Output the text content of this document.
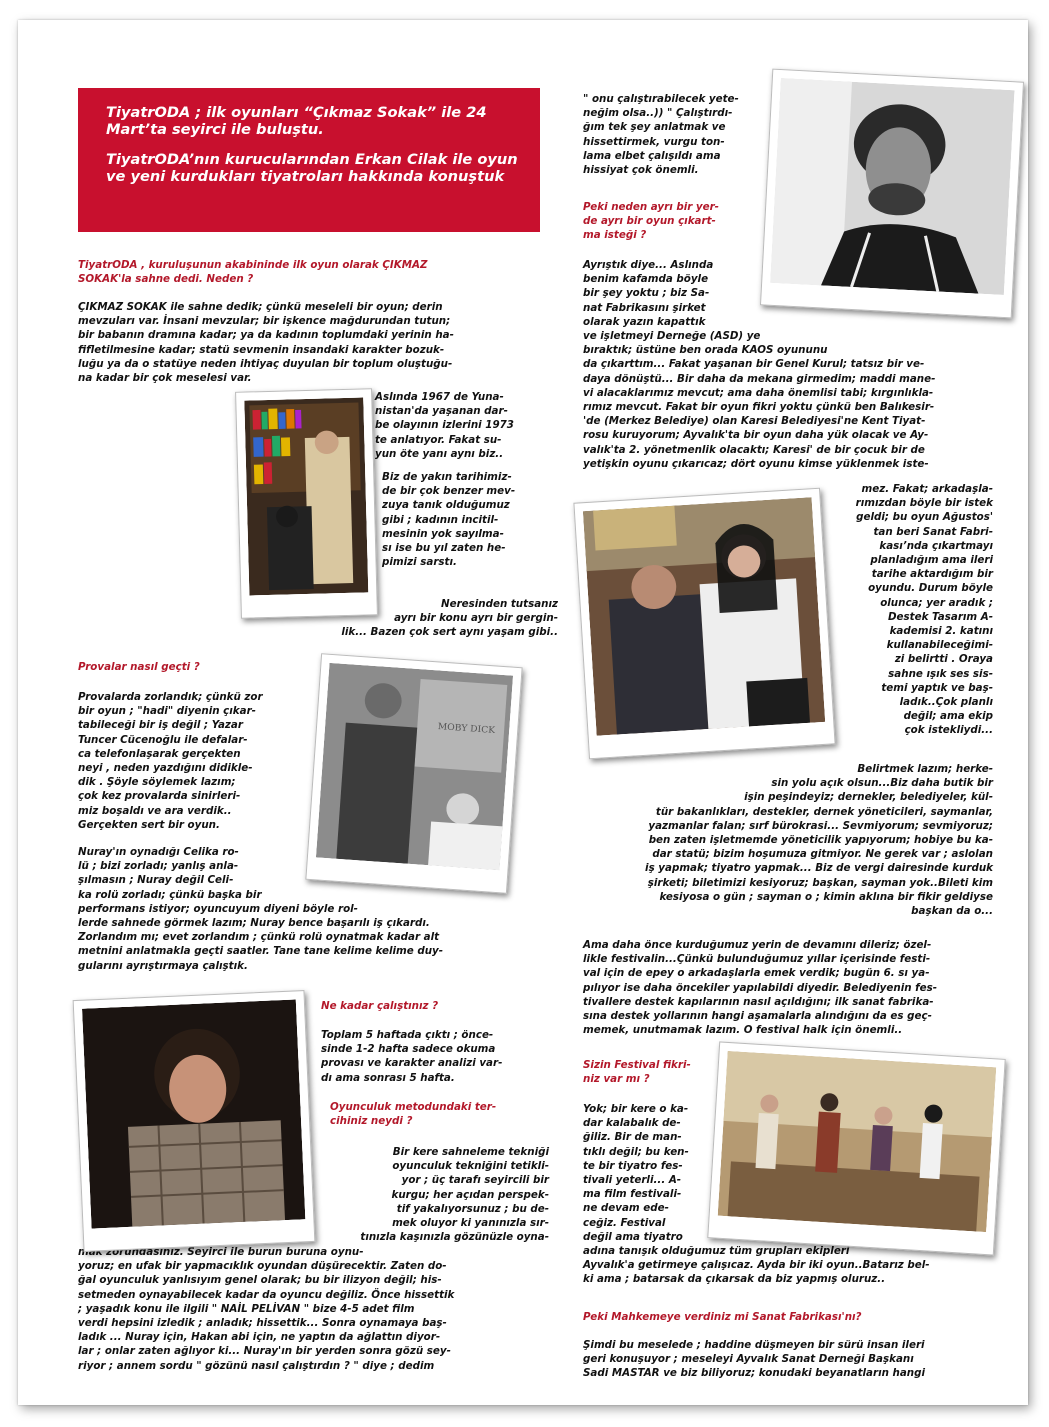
TiyatrODA ; ilk oyunları “Çıkmaz Sokak” ile 24 Mart’ta seyirci ile buluştu.

TiyatrODA’nın kurucularından Erkan Cilak ile oyun ve yeni kurdukları tiyatroları hakkında konuştuk

TiyatrODA , kuruluşunun akabininde ilk oyun olarak ÇIKMAZ
SOKAK'la sahne dedi. Neden ?

ÇIKMAZ SOKAK ile sahne dedik; çünkü meseleli bir oyun; derin
mevzuları var. İnsani mevzular; bir işkence mağdurundan tutun;
bir babanın dramına kadar; ya da kadının toplumdaki yerinin ha-
fifletilmesine kadar; statü sevmenin insandaki karakter bozuk-
luğu ya da o statüye neden ihtiyaç duyulan bir toplum oluştuğu-
na kadar bir çok meselesi var.

Aslında 1967 de Yuna-
nistan'da yaşanan dar-
be olayının izlerini 1973
te anlatıyor. Fakat su-
yun öte yanı aynı biz..

Biz de yakın tarihimiz-
de bir çok benzer mev-
zuya tanık olduğumuz
gibi ; kadının incitil-
mesinin yok sayılma-
sı ise bu yıl zaten he-
pimizi sarstı.

Neresinden tutsanız
ayrı bir konu ayrı bir gergin-
lik... Bazen çok sert aynı yaşam gibi..

Provalar nasıl geçti ?

Provalarda zorlandık; çünkü zor
bir oyun ; "hadi" diyenin çıkar-
tabileceği bir iş değil ; Yazar
Tuncer Cücenoğlu ile defalar-
ca telefonlaşarak gerçekten
neyi , neden yazdığını didikle-
dik . Şöyle söylemek lazım;
çok kez provalarda sinirleri-
miz boşaldı ve ara verdik..
Gerçekten sert bir oyun.

Nuray'ın oynadığı Celika ro-
lü ; bizi zorladı; yanlış anla-
şılmasın ; Nuray değil Celi-
ka rolü zorladı; çünkü başka bir
performans istiyor; oyuncuyum diyeni böyle rol-
lerde sahnede görmek lazım; Nuray bence başarılı iş çıkardı.
Zorlandım mı; evet zorlandım ; çünkü rolü oynatmak kadar alt
metnini anlatmakla geçti saatler. Tane tane kelime kelime duy-
gularını ayrıştırmaya çalıştık.

Ne kadar çalıştınız ?

Toplam 5 haftada çıktı ; önce-
sinde 1-2 hafta sadece okuma
provası ve karakter analizi var-
dı ama sonrası 5 hafta.

Oyunculuk metodundaki ter-
cihiniz neydi ?

Bir kere sahneleme tekniği
oyunculuk tekniğini tetikli-
yor ; üç tarafı seyircili bir
kurgu; her açıdan perspek-
tif yakalıyorsunuz ; bu de-
mek oluyor ki yanınızla sır-
tınızla kaşınızla gözünüzle oyna-

mak zorundasınız. Seyirci ile burun buruna oynu-
yoruz; en ufak bir yapmacıklık oyundan düşürecektir. Zaten do-
ğal oyunculuk yanlısıyım genel olarak; bu bir ilizyon değil; his-
setmeden oynayabilecek kadar da oyuncu değiliz. Önce hissettik
; yaşadık konu ile ilgili " NAİL PELİVAN " bize 4-5 adet film
verdi hepsini izledik ; anladık; hissettik... Sonra oynamaya baş-
ladık ... Nuray için, Hakan abi için, ne yaptın da ağlattın diyor-
lar ; onlar zaten ağlıyor ki... Nuray'ın bir yerden sonra gözü sey-
riyor ; annem sordu " gözünü nasıl çalıştırdın ? " diye ; dedim

" onu çalıştırabilecek yete-
neğim olsa..)) " Çalıştırdı-
ğım tek şey anlatmak ve
hissettirmek, vurgu ton-
lama elbet çalışıldı ama
hissiyat çok önemli.

Peki neden ayrı bir yer-
de ayrı bir oyun çıkart-
ma isteği ?

Ayrıştık diye... Aslında
benim kafamda böyle
bir şey yoktu ; biz Sa-
nat Fabrikasını şirket
olarak yazın kapattık
ve işletmeyi Derneğe (ASD) ye
bıraktık; üstüne ben orada KAOS oyununu
da çıkarttım... Fakat yaşanan bir Genel Kurul; tatsız bir ve-
daya dönüştü... Bir daha da mekana girmedim; maddi mane-
vi alacaklarımız mevcut; ama daha önemlisi tabi; kırgınlıkla-
rımız mevcut. Fakat bir oyun fikri yoktu çünkü ben Balıkesir-
'de (Merkez Belediye) olan Karesi Belediyesi'ne Kent Tiyat-
rosu kuruyorum; Ayvalık'ta bir oyun daha yük olacak ve Ay-
valık'ta 2. yönetmenlik olacaktı; Karesi' de bir çocuk bir de
yetişkin oyunu çıkarıcaz; dört oyunu kimse yüklenmek iste-

mez. Fakat; arkadaşla-
rımızdan böyle bir istek
geldi; bu oyun Ağustos'
tan beri Sanat Fabri-
kası’nda çıkartmayı
planladığım ama ileri
tarihe aktardığım bir
oyundu. Durum böyle
olunca; yer aradık ;
Destek Tasarım A-
kademisi 2. katını
kullanabileceğimi-
zi belirtti . Oraya
sahne ışık ses sis-
temi yaptık ve baş-
ladık..Çok planlı
değil; ama ekip
çok istekliydi...

Belirtmek lazım; herke-
sin yolu açık olsun...Biz daha butik bir
işin peşindeyiz; dernekler, belediyeler, kül-
tür bakanlıkları, destekler, dernek yöneticileri, saymanlar,
yazmanlar falan; sırf bürokrasi... Sevmiyorum; sevmiyoruz;
ben zaten işletmemde yöneticilik yapıyorum; hobiye bu ka-
dar statü; bizim hoşumuza gitmiyor. Ne gerek var ; aslolan
iş yapmak; tiyatro yapmak... Biz de vergi dairesinde kurduk
şirketi; biletimizi kesiyoruz; başkan, sayman yok..Bileti kim
kesiyosa o gün ; sayman o ; kimin aklına bir fikir geldiyse
başkan da o...

Ama daha önce kurduğumuz yerin de devamını dileriz; özel-
likle festivalin...Çünkü bulunduğumuz yıllar içerisinde festi-
val için de epey o arkadaşlarla emek verdik; bugün 6. sı ya-
pılıyor ise daha öncekiler yapılabildi diyedir. Belediyenin fes-
tivallere destek kapılarının nasıl açıldığını; ilk sanat fabrika-
sına destek yollarının hangi aşamalarla alındığını da es geç-
memek, unutmamak lazım. O festival halk için önemli..

Sizin Festival fikri-
niz var mı ?

Yok; bir kere o ka-
dar kalabalık de-
ğiliz. Bir de man-
tıklı değil; bu ken-
te bir tiyatro fes-
tivali yeterli... A-
ma film festivali-
ne devam ede-
ceğiz. Festival
değil ama tiyatro
adına tanışık olduğumuz tüm grupları ekipleri
Ayvalık'a getirmeye çalışıcaz. Ayda bir iki oyun..Batarız bel-
ki ama ; batarsak da çıkarsak da biz yapmış oluruz..

Peki Mahkemeye verdiniz mi Sanat Fabrikası'nı?

Şimdi bu meselede ; haddine düşmeyen bir sürü insan ileri
geri konuşuyor ; meseleyi Ayvalık Sanat Derneği Başkanı
Sadi MASTAR ve biz biliyoruz; konudaki beyanatların hangi

MOBY DICK
